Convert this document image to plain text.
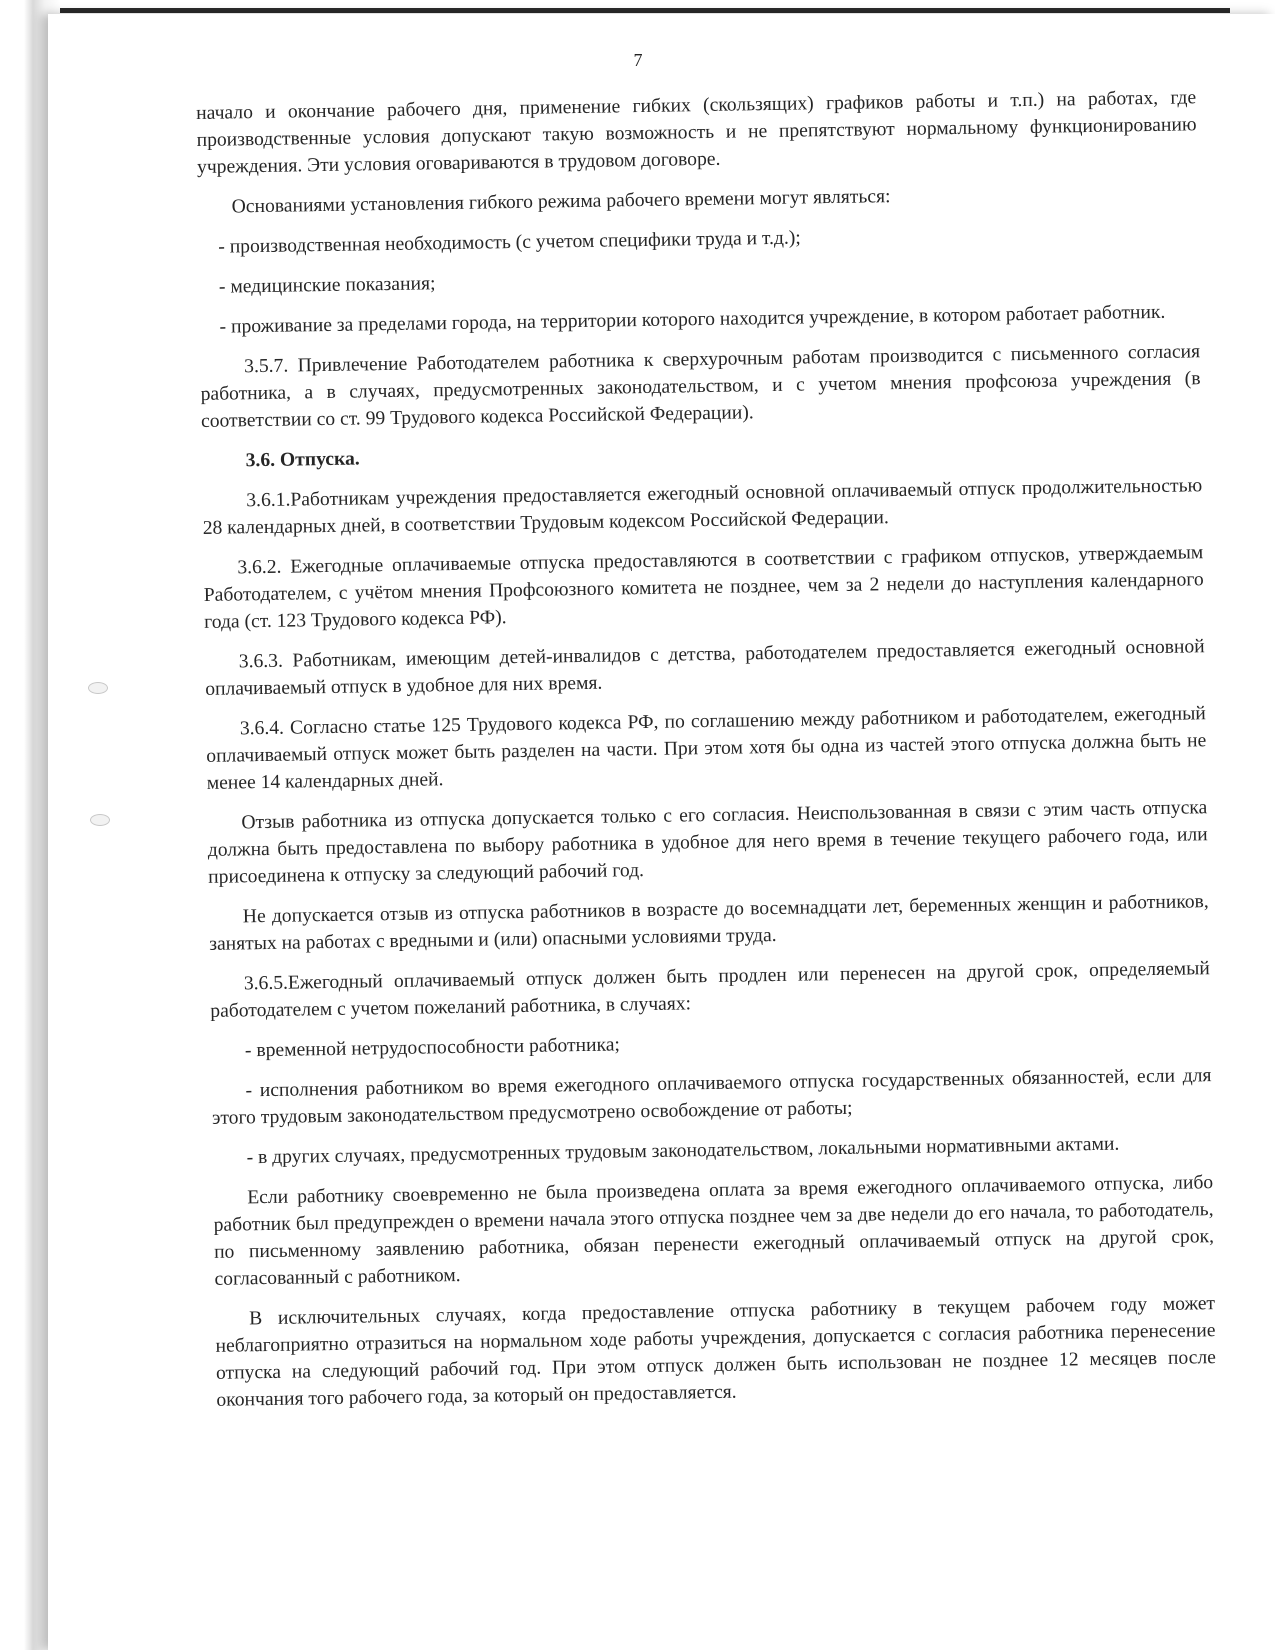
7

начало и окончание рабочего дня, применение гибких (скользящих) графиков работы и т.п.) на работах, где производственные условия допускают такую возможность и не препятствуют нормальному функционированию учреждения. Эти условия оговариваются в трудовом договоре.

Основаниями установления гибкого режима рабочего времени могут являться:

- производственная необходимость (с учетом специфики труда и т.д.);

- медицинские показания;

- проживание за пределами города, на территории которого находится учреждение, в котором работает работник.

3.5.7. Привлечение Работодателем работника к сверхурочным работам производится с письменного согласия работника, а в случаях, предусмотренных законодательством, и с учетом мнения профсоюза учреждения (в соответствии со ст. 99 Трудового кодекса Российской Федерации).

3.6. Отпуска.

3.6.1.Работникам учреждения предоставляется ежегодный основной оплачиваемый отпуск продолжительностью 28 календарных дней, в соответствии Трудовым кодексом Российской Федерации.

3.6.2. Ежегодные оплачиваемые отпуска предоставляются в соответствии с графиком отпусков, утверждаемым Работодателем, с учётом мнения Профсоюзного комитета не позднее, чем за 2 недели до наступления календарного года (ст. 123 Трудового кодекса РФ).

3.6.3. Работникам, имеющим детей-инвалидов с детства, работодателем предоставляется ежегодный основной оплачиваемый отпуск в удобное для них время.

3.6.4. Согласно статье 125 Трудового кодекса РФ, по соглашению между работником и работодателем, ежегодный оплачиваемый отпуск может быть разделен на части. При этом хотя бы одна из частей этого отпуска должна быть не менее 14 календарных дней.

Отзыв работника из отпуска допускается только с его согласия. Неиспользованная в связи с этим часть отпуска должна быть предоставлена по выбору работника в удобное для него время в течение текущего рабочего года, или присоединена к отпуску за следующий рабочий год.

Не допускается отзыв из отпуска работников в возрасте до восемнадцати лет, беременных женщин и работников, занятых на работах с вредными и (или) опасными условиями труда.

3.6.5.Ежегодный оплачиваемый отпуск должен быть продлен или перенесен на другой срок, определяемый работодателем с учетом пожеланий работника, в случаях:

- временной нетрудоспособности работника;

- исполнения работником во время ежегодного оплачиваемого отпуска государственных обязанностей, если для этого трудовым законодательством предусмотрено освобождение от работы;

- в других случаях, предусмотренных трудовым законодательством, локальными нормативными актами.

Если работнику своевременно не была произведена оплата за время ежегодного оплачиваемого отпуска, либо работник был предупрежден о времени начала этого отпуска позднее чем за две недели до его начала, то работодатель, по письменному заявлению работника, обязан перенести ежегодный оплачиваемый отпуск на другой срок, согласованный с работником.

В исключительных случаях, когда предоставление отпуска работнику в текущем рабочем году может неблагоприятно отразиться на нормальном ходе работы учреждения, допускается с согласия работника перенесение отпуска на следующий рабочий год. При этом отпуск должен быть использован не позднее 12 месяцев после окончания того рабочего года, за который он предоставляется.
